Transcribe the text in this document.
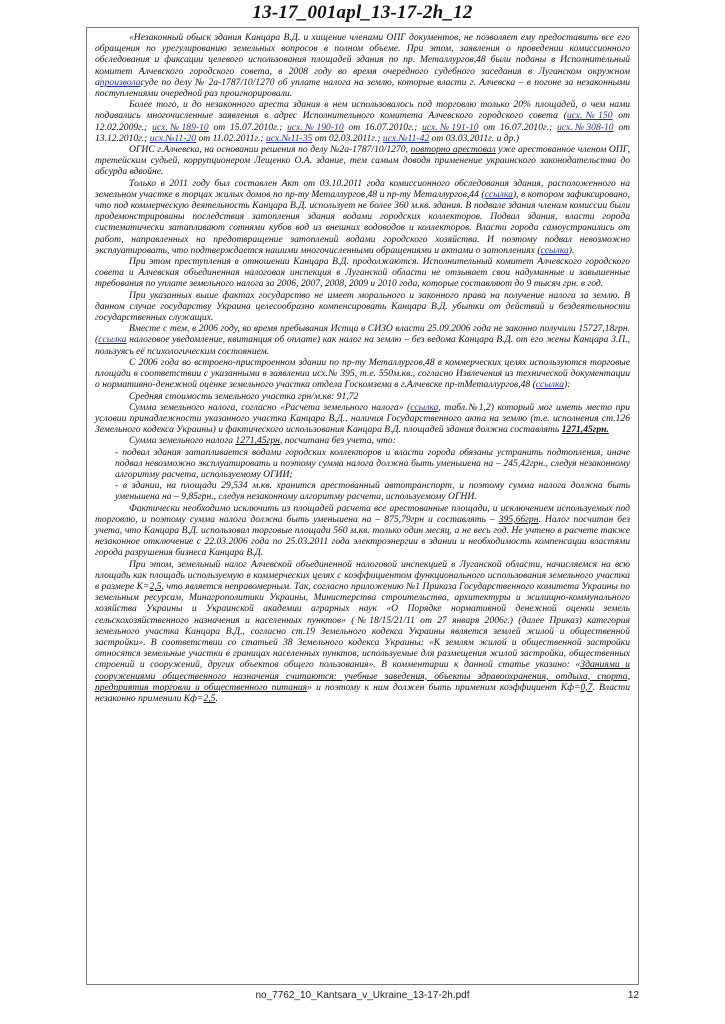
13-17_001apl_13-17-2h_12

«Незаконный обыск здания Канцара В.Д. и хищение членами ОПГ документов, не позволяет ему предоставить все его обращения по урегулированию земельных вопросов в полном объеме. При этом, заявления о проведении комиссионного обследования и фиксации целевого использования площадей здания по пр. Металлургов,48 были поданы в Исполнительный комитет Алчевского городского совета, в 2008 году во время очередного судебного заседания в Луганском окружном апроизволасуде по делу № 2а-1787/10/1270 об уплате налога на землю, которые власти г. Алчевска – в погоне за незаконными поступлениями очередной раз проигнорировали.

Более того, и до незаконного ареста здания в нем использовалось под торговлю только 20% площадей, о чем нами подавались многочисленные заявления в адрес Исполнительного комитета Алчевского городского совета (исх.№150 от 12.02.2009г.; исх.№189-10 от 15.07.2010г.; исх.№190-10 от 16.07.2010г.; исх.№191-10 от 16.07.2010г.; исх.№308-10 от 13.12.2010г.; исх.№11-20 от 11.02.2011г.; исх.№11-35 от 02.03.2011г.; исх.№11-42 от 03.03.2011г. и др.)

ОГИС г.Алчевска, на основании решения по делу №2а-1787/10/1270, повторно арестовал уже арестованное членом ОПГ, третейским судьей, коррупционером Лещенко О.А. здание, тем самым доводя применение украинского законодательства до абсурда вдвойне.

Только в 2011 году был составлен Акт от 03.10.2011 года комиссионного обследования здания, расположенного на земельном участке в торцах жилых домов по пр-ту Металлургов,48 и пр-ту Металлургов,44 (ссылка), в котором зафиксировано, что под коммерческую деятельность Канцара В.Д. использует не более 360 м.кв. здания. В подвале здания членам комиссии были продемонстрированы последствия затопления здания водами городских коллекторов. Подвал здания, власти города систематически затапливают сотнями кубов вод из внешних водоводов и коллекторов. Власти города самоустранились от работ, направленных на предотвращение затоплений водами городского хозяйства. И поэтому подвал невозможно эксплуатировать, что подтверждается нашими многочисленными обращениями и актами о затоплениях (ссылка).

При этом преступления в отношении Канцара В.Д. продолжаются. Исполнительный комитет Алчевского городского совета и Алчевская объединенная налоговая инспекция в Луганской области не отзывает свои надуманные и завышенные требования по уплате земельного налога за 2006, 2007, 2008, 2009 и 2010 года, которые составляют до 9 тысяч грн. в год.

При указанных выше фактах государство не имеет морального и законного права на получение налога за землю. В данном случае государству Украина целесообразно компенсировать Канцара В.Д. убытки от действий и бездеятельности государственных служащих.

Вместе с тем, в 2006 году, во время пребывания Истца в СИЗО власти 25.09.2006 года не законно получили 15727,18грн. (ссылка налоговое уведомление, квитанция об оплате) как налог на землю – без ведома Канцара В.Д. от его жены Канцара З.П., пользуясь её психологическим состоянием.

С 2006 года во встроено-пристроенном здании по пр-ту Металлургов,48 в коммерческих целях используются торговые площади в соответствии с указанными в заявлении исх.№ 395, т.е. 550м.кв., согласно Извлечения из технической документации о нормативно-денежной оценке земельного участка отдела Госкомзема в г.Алчевске пр-тМеталлургов,48 (ссылка):

Средняя стоимость земельного участка грн/м.кв: 91,72

Сумма земельного налога, согласно «Расчета земельного налога» (ссылка, табл.№1,2) который мог иметь место при условии принадлежности указанного участка Канцара В.Д., наличия Государственного акта на землю (т.е. исполнения ст.126 Земельного кодекса Украины) и фактического использования Канцара В.Д. площадей здания должна составлять 1271,45грн.

Сумма земельного налога 1271,45грн, посчитана без учета, что:

- подвал здания затапливается водами городских коллекторов и власти города обязаны устранить подтопления, иначе подвал невозможно эксплуатировать и поэтому сумма налога должна быть уменьшена на – 245,42грн., следуя незаконному алгоритму расчета, используемому ОГИИ;

- в здании, на площади 29,534 м.кв. хранится арестованный автотранспорт, и поэтому сумма налога должна быть уменьшена на – 9,85грн., следуя незаконному алгоритму расчета, используемому ОГНИ.

Фактически необходимо исключить из площадей расчета все арестованные площади, и исключением используемых под торговлю, и поэтому сумма налога должна быть уменьшена на – 875,79грн и составлять – 395,66грн. Налог посчитан без учета, что Канцара В.Д. использовал торговые площади 560 м.кв. только один месяц, а не весь год. Не учтено в расчете также незаконное отключение с 22.03.2006 года по 25.03.2011 года электроэнергии в здании и необходимость компенсации властями города разрушения бизнеса Канцара В.Д.

При этом, земельный налог Алчевской объединенной налоговой инспекцией в Луганской области, начисляемся на всю площадь как площадь используемую в коммерческих целях с коэффициентом функционального использования земельного участка в размере К=2,5, что является неправомерным. Так, согласно приложению №1 Приказа Государственного комитета Украины по земельным ресурсам, Минагрополитики Украины, Министерства строительства, архитектуры и жилищно-коммунального хозяйства Украины и Украинской академии аграрных наук «О Порядке нормативной денежной оценки земель сельскохозяйственного назначения и населенных пунктов» (№18/15/21/11 от 27 января 2006г.) (далее Приказ) категория земельного участка Канцара В.Д., согласно ст.19 Земельного кодекса Украины является землей жилой и общественной застройки». В соответствии со статьей 38 Земельного кодекса Украины: «К землям жилой и общественной застройки относятся земельные участки в границах населенных пунктов, используемые для размещения жилой застройки, общественных строений и сооружений, других объектов общего пользования». В комментарии к данной статье указано: «Зданиями и сооружениями общественного назначения считаются: учебные заведения, объекты здравоохранения, отдыха, спорта, предприятия торговли и общественного питания» и поэтому к ним должен быть применим коэффициент Кф=0,7. Власти незаконно применили Кф=2,5.

no_7762_10_Kantsara_v_Ukraine_13-17-2h.pdf	12
